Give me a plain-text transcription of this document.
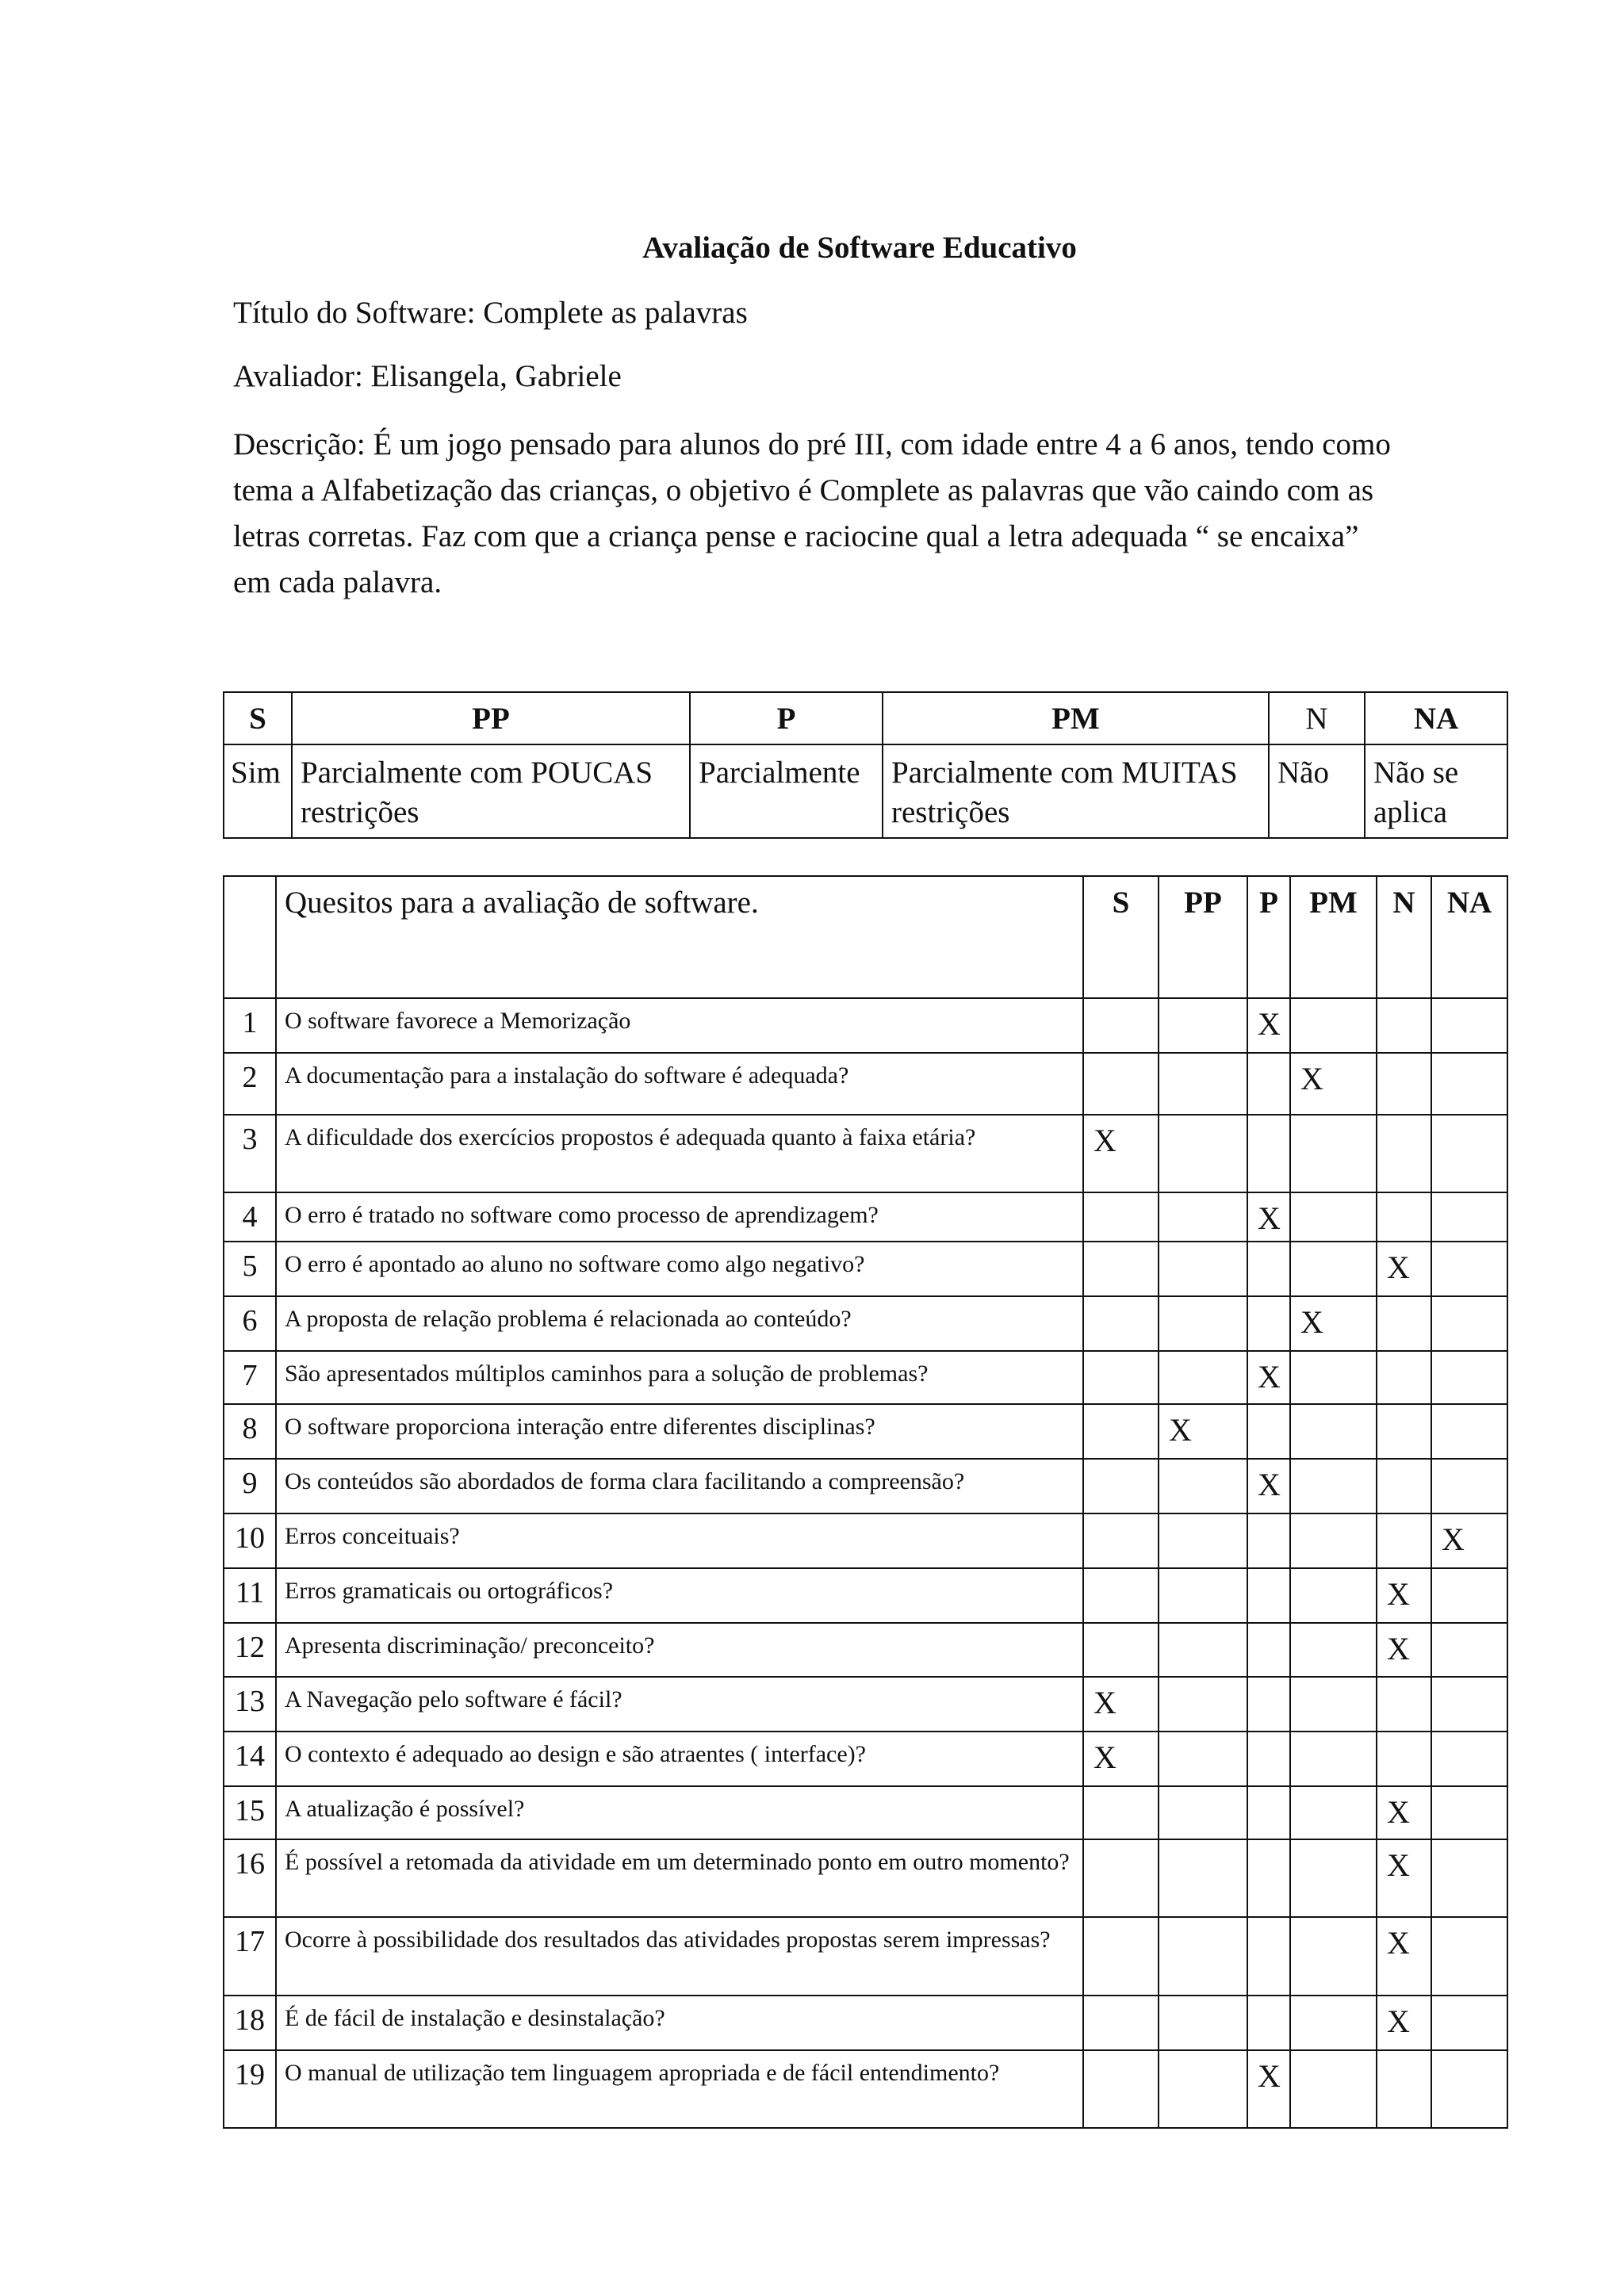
Avaliação de Software Educativo
Título do Software: Complete as palavras
Avaliador: Elisangela, Gabriele
Descrição: É um jogo pensado para alunos do pré III, com idade entre 4 a 6 anos, tendo como
tema a Alfabetização das crianças, o objetivo é Complete as palavras que vão caindo com as
letras corretas. Faz com que a criança pense e raciocine qual a letra adequada “ se encaixa”
em cada palavra.
S	PP	P	PM	N	NA
Sim	Parcialmente com POUCAS restrições	Parcialmente	Parcialmente com MUITAS restrições	Não	Não se aplica
	Quesitos para a avaliação de software.	S	PP	P	PM	N	NA
1	O software favorece a Memorização			X			
2	A documentação para a instalação do software é adequada?				X		
3	A dificuldade dos exercícios propostos é adequada quanto à faixa etária?	X					
4	O erro é tratado no software como processo de aprendizagem?			X			
5	O erro é apontado ao aluno no software como algo negativo?					X	
6	A proposta de relação problema é relacionada ao conteúdo?				X		
7	São apresentados múltiplos caminhos para a solução de problemas?			X			
8	O software proporciona interação entre diferentes disciplinas?		X				
9	Os conteúdos são abordados de forma clara facilitando a compreensão?			X			
10	Erros conceituais?						X
11	Erros gramaticais ou ortográficos?					X	
12	Apresenta discriminação/ preconceito?					X	
13	A Navegação pelo software é fácil?	X					
14	O contexto é adequado ao design e são atraentes ( interface)?	X					
15	A atualização é possível?					X	
16	É possível a retomada da atividade em um determinado ponto em outro momento?					X	
17	Ocorre à possibilidade dos resultados das atividades propostas serem impressas?					X	
18	É de fácil de instalação e desinstalação?					X	
19	O manual de utilização tem linguagem apropriada e de fácil entendimento?			X			
